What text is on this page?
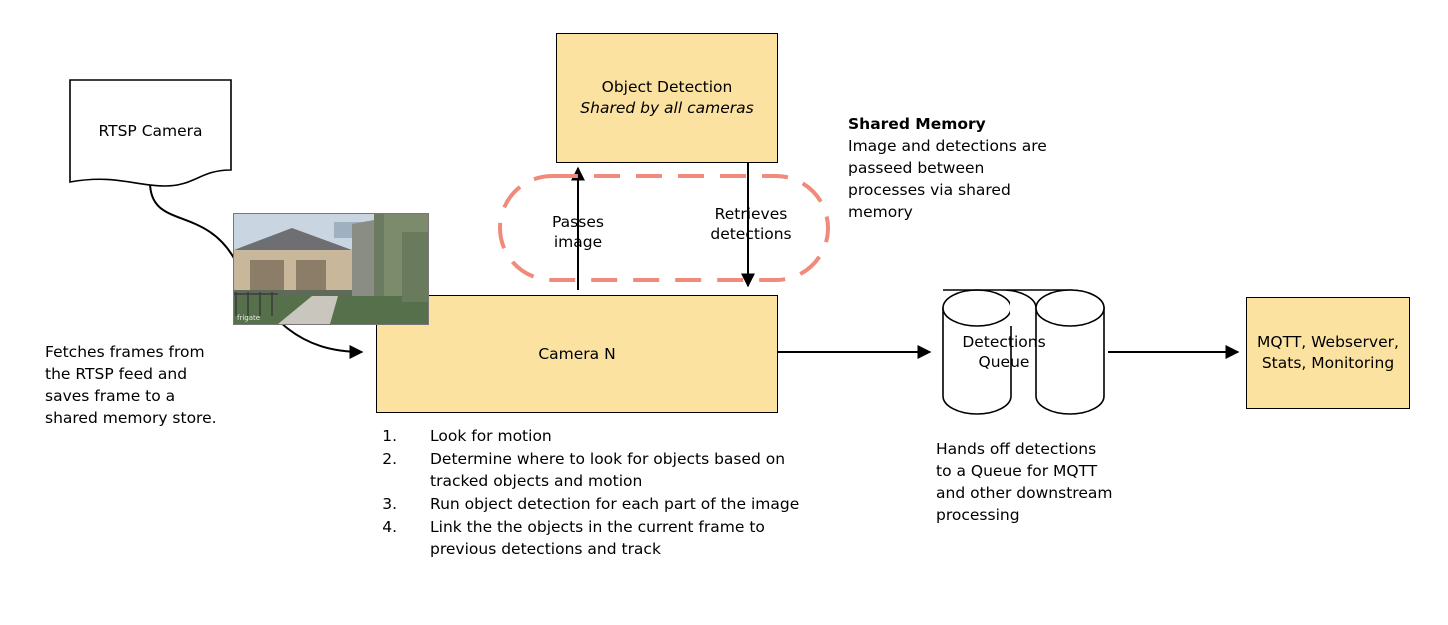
RTSP Camera
Object Detection
Shared by all cameras
Camera N
frigate
Passes
image
Retrieves
detections
Detections
Queue
MQTT, Webserver,
Stats, Monitoring
Fetches frames from the RTSP feed and saves frame to a shared memory store.
Shared Memory
Image and detections are passeed between processes via shared memory
Hands off detections to a Queue for MQTT and other downstream processing
1. Look for motion
2. Determine where to look for objects based on tracked objects and motion
3. Run object detection for each part of the image
4. Link the the objects in the current frame to previous detections and track
